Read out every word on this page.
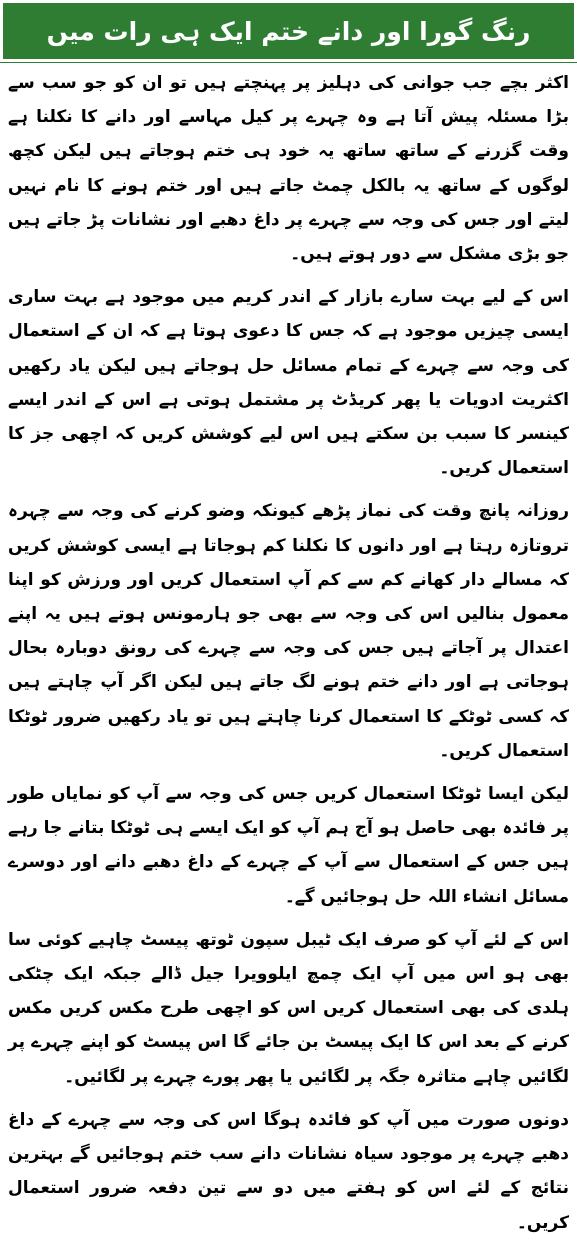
رنگ گورا اور دانے ختم ایک ہی رات میں

اکثر بچے جب جوانی کی دہلیز پر پہنچتے ہیں تو ان کو جو سب سے بڑا مسئلہ پیش آتا ہے وہ چہرے پر کیل مہاسے اور دانے کا نکلنا ہے وقت گزرنے کے ساتھ ساتھ یہ خود ہی ختم ہوجاتے ہیں لیکن کچھ لوگوں کے ساتھ یہ بالکل چمٹ جاتے ہیں اور ختم ہونے کا نام نہیں لیتے اور جس کی وجہ سے چہرے پر داغ دھبے اور نشانات پڑ جاتے ہیں جو بڑی مشکل سے دور ہوتے ہیں۔

اس کے لیے بہت سارے بازار کے اندر کریم میں موجود ہے بہت ساری ایسی چیزیں موجود ہے کہ جس کا دعوی ہوتا ہے کہ ان کے استعمال کی وجہ سے چہرے کے تمام مسائل حل ہوجاتے ہیں لیکن یاد رکھیں اکثریت ادویات یا پھر کریڈٹ پر مشتمل ہوتی ہے اس کے اندر ایسے کینسر کا سبب بن سکتے ہیں اس لیے کوشش کریں کہ اچھی جز کا استعمال کریں۔

روزانہ پانچ وقت کی نماز پڑھے کیونکہ وضو کرنے کی وجہ سے چہرہ تروتازہ رہتا ہے اور دانوں کا نکلنا کم ہوجاتا ہے ایسی کوشش کریں کہ مسالے دار کھانے کم سے کم آپ استعمال کریں اور ورزش کو اپنا معمول بنالیں اس کی وجہ سے بھی جو ہارمونس ہوتے ہیں یہ اپنے اعتدال پر آجاتے ہیں جس کی وجہ سے چہرے کی رونق دوبارہ بحال ہوجاتی ہے اور دانے ختم ہونے لگ جاتے ہیں لیکن اگر آپ چاہتے ہیں کہ کسی ٹوٹکے کا استعمال کرنا چاہتے ہیں تو یاد رکھیں ضرور ٹوٹکا استعمال کریں۔

لیکن ایسا ٹوٹکا استعمال کریں جس کی وجہ سے آپ کو نمایاں طور پر فائدہ بھی حاصل ہو آج ہم آپ کو ایک ایسے ہی ٹوٹکا بتانے جا رہے ہیں جس کے استعمال سے آپ کے چہرے کے داغ دھبے دانے اور دوسرے مسائل انشاء اللہ حل ہوجائیں گے۔

اس کے لئے آپ کو صرف ایک ٹیبل سپون ٹوتھ پیسٹ چاہیے کوئی سا بھی ہو اس میں آپ ایک چمچ ایلوویرا جیل ڈالے جبکہ ایک چٹکی ہلدی کی بھی استعمال کریں اس کو اچھی طرح مکس کریں مکس کرنے کے بعد اس کا ایک پیسٹ بن جائے گا اس پیسٹ کو اپنے چہرے پر لگائیں چاہے متاثرہ جگہ پر لگائیں یا پھر پورے چہرے پر لگائیں۔

دونوں صورت میں آپ کو فائدہ ہوگا اس کی وجہ سے چہرے کے داغ دھبے چہرے پر موجود سیاہ نشانات دانے سب ختم ہوجائیں گے بہترین نتائج کے لئے اس کو ہفتے میں دو سے تین دفعہ ضرور استعمال کریں۔
